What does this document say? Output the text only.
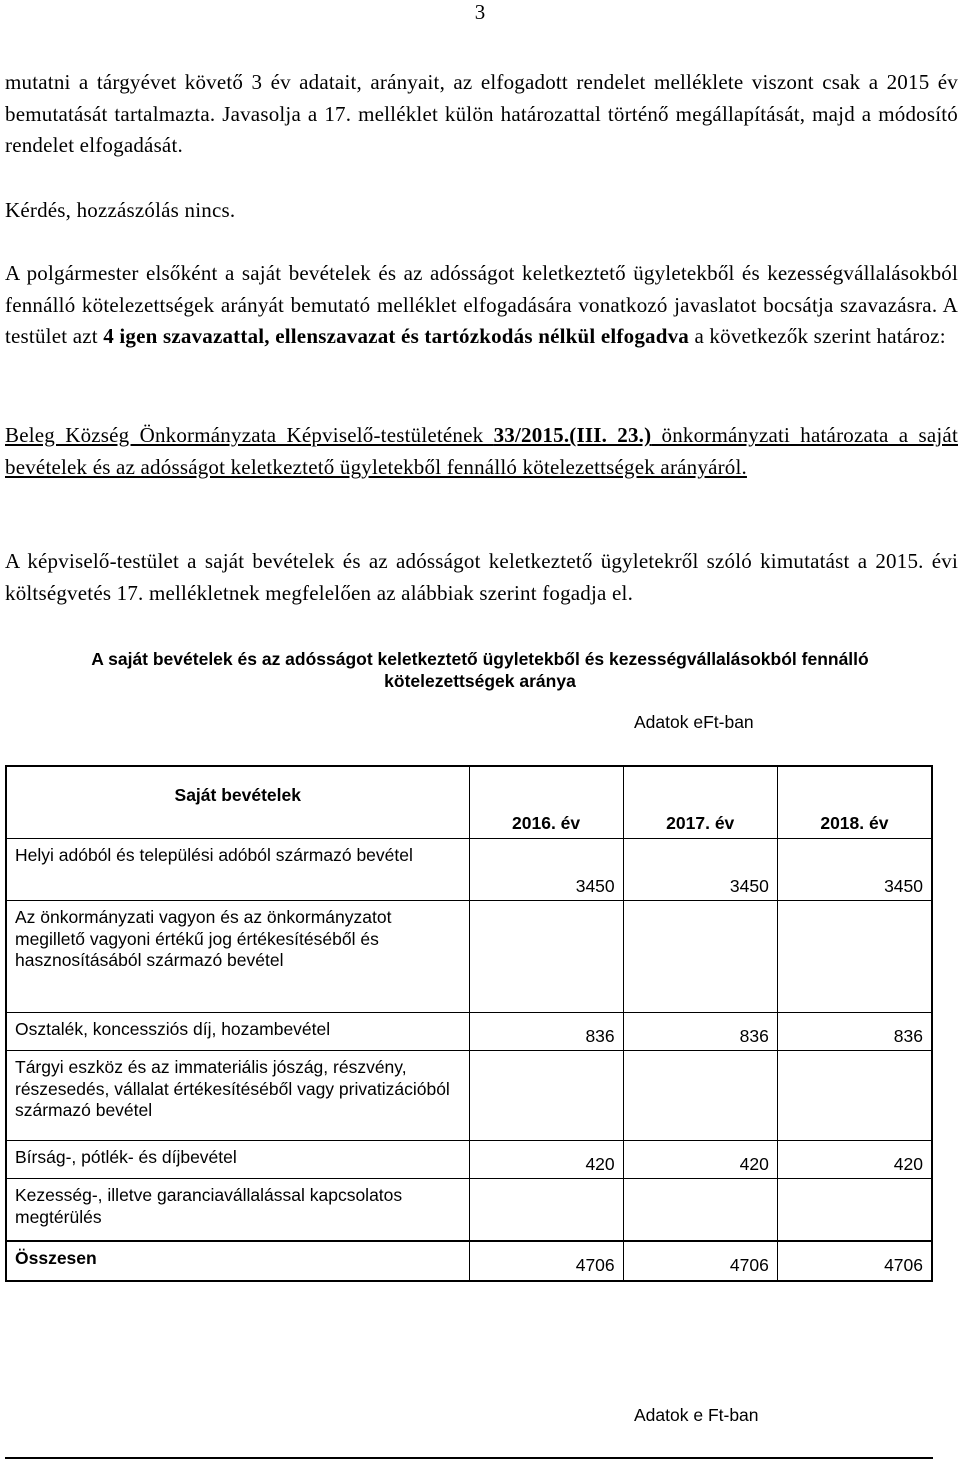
3

mutatni a tárgyévet követő 3 év adatait, arányait, az elfogadott rendelet melléklete viszont csak a 2015 év bemutatását tartalmazta. Javasolja a 17. melléklet külön határozattal történő megállapítását, majd a módosító rendelet elfogadását.

Kérdés, hozzászólás nincs.

A polgármester elsőként a saját bevételek és az adósságot keletkeztető ügyletekből és kezességvállalásokból fennálló kötelezettségek arányát bemutató melléklet elfogadására vonatkozó javaslatot bocsátja szavazásra. A testület azt 4 igen szavazattal, ellenszavazat és tartózkodás nélkül elfogadva a következők szerint határoz:

Beleg Község Önkormányzata Képviselő-testületének 33/2015.(III. 23.) önkormányzati határozata a saját bevételek és az adósságot keletkeztető ügyletekből fennálló kötelezettségek arányáról.

A képviselő-testület a saját bevételek és az adósságot keletkeztető ügyletekről szóló kimutatást a 2015. évi költségvetés 17. mellékletnek megfelelően az alábbiak szerint fogadja el.

A saját bevételek és az adósságot keletkeztető ügyletekből és kezességvállalásokból fennálló kötelezettségek aránya
Adatok eFt-ban
Saját bevételek	2016. év	2017. év	2018. év
Helyi adóból és települési adóból származó bevétel	3450	3450	3450
Az önkormányzati vagyon és az önkormányzatot megillető vagyoni értékű jog értékesítéséből és hasznosításából származó bevétel			
Osztalék, koncessziós díj, hozambevétel	836	836	836
Tárgyi eszköz és az immateriális jószág, részvény, részesedés, vállalat értékesítéséből vagy privatizációból származó bevétel			
Bírság-, pótlék- és díjbevétel	420	420	420
Kezesség-, illetve garanciavállalással kapcsolatos megtérülés			
Összesen	4706	4706	4706
Adatok e Ft-ban
